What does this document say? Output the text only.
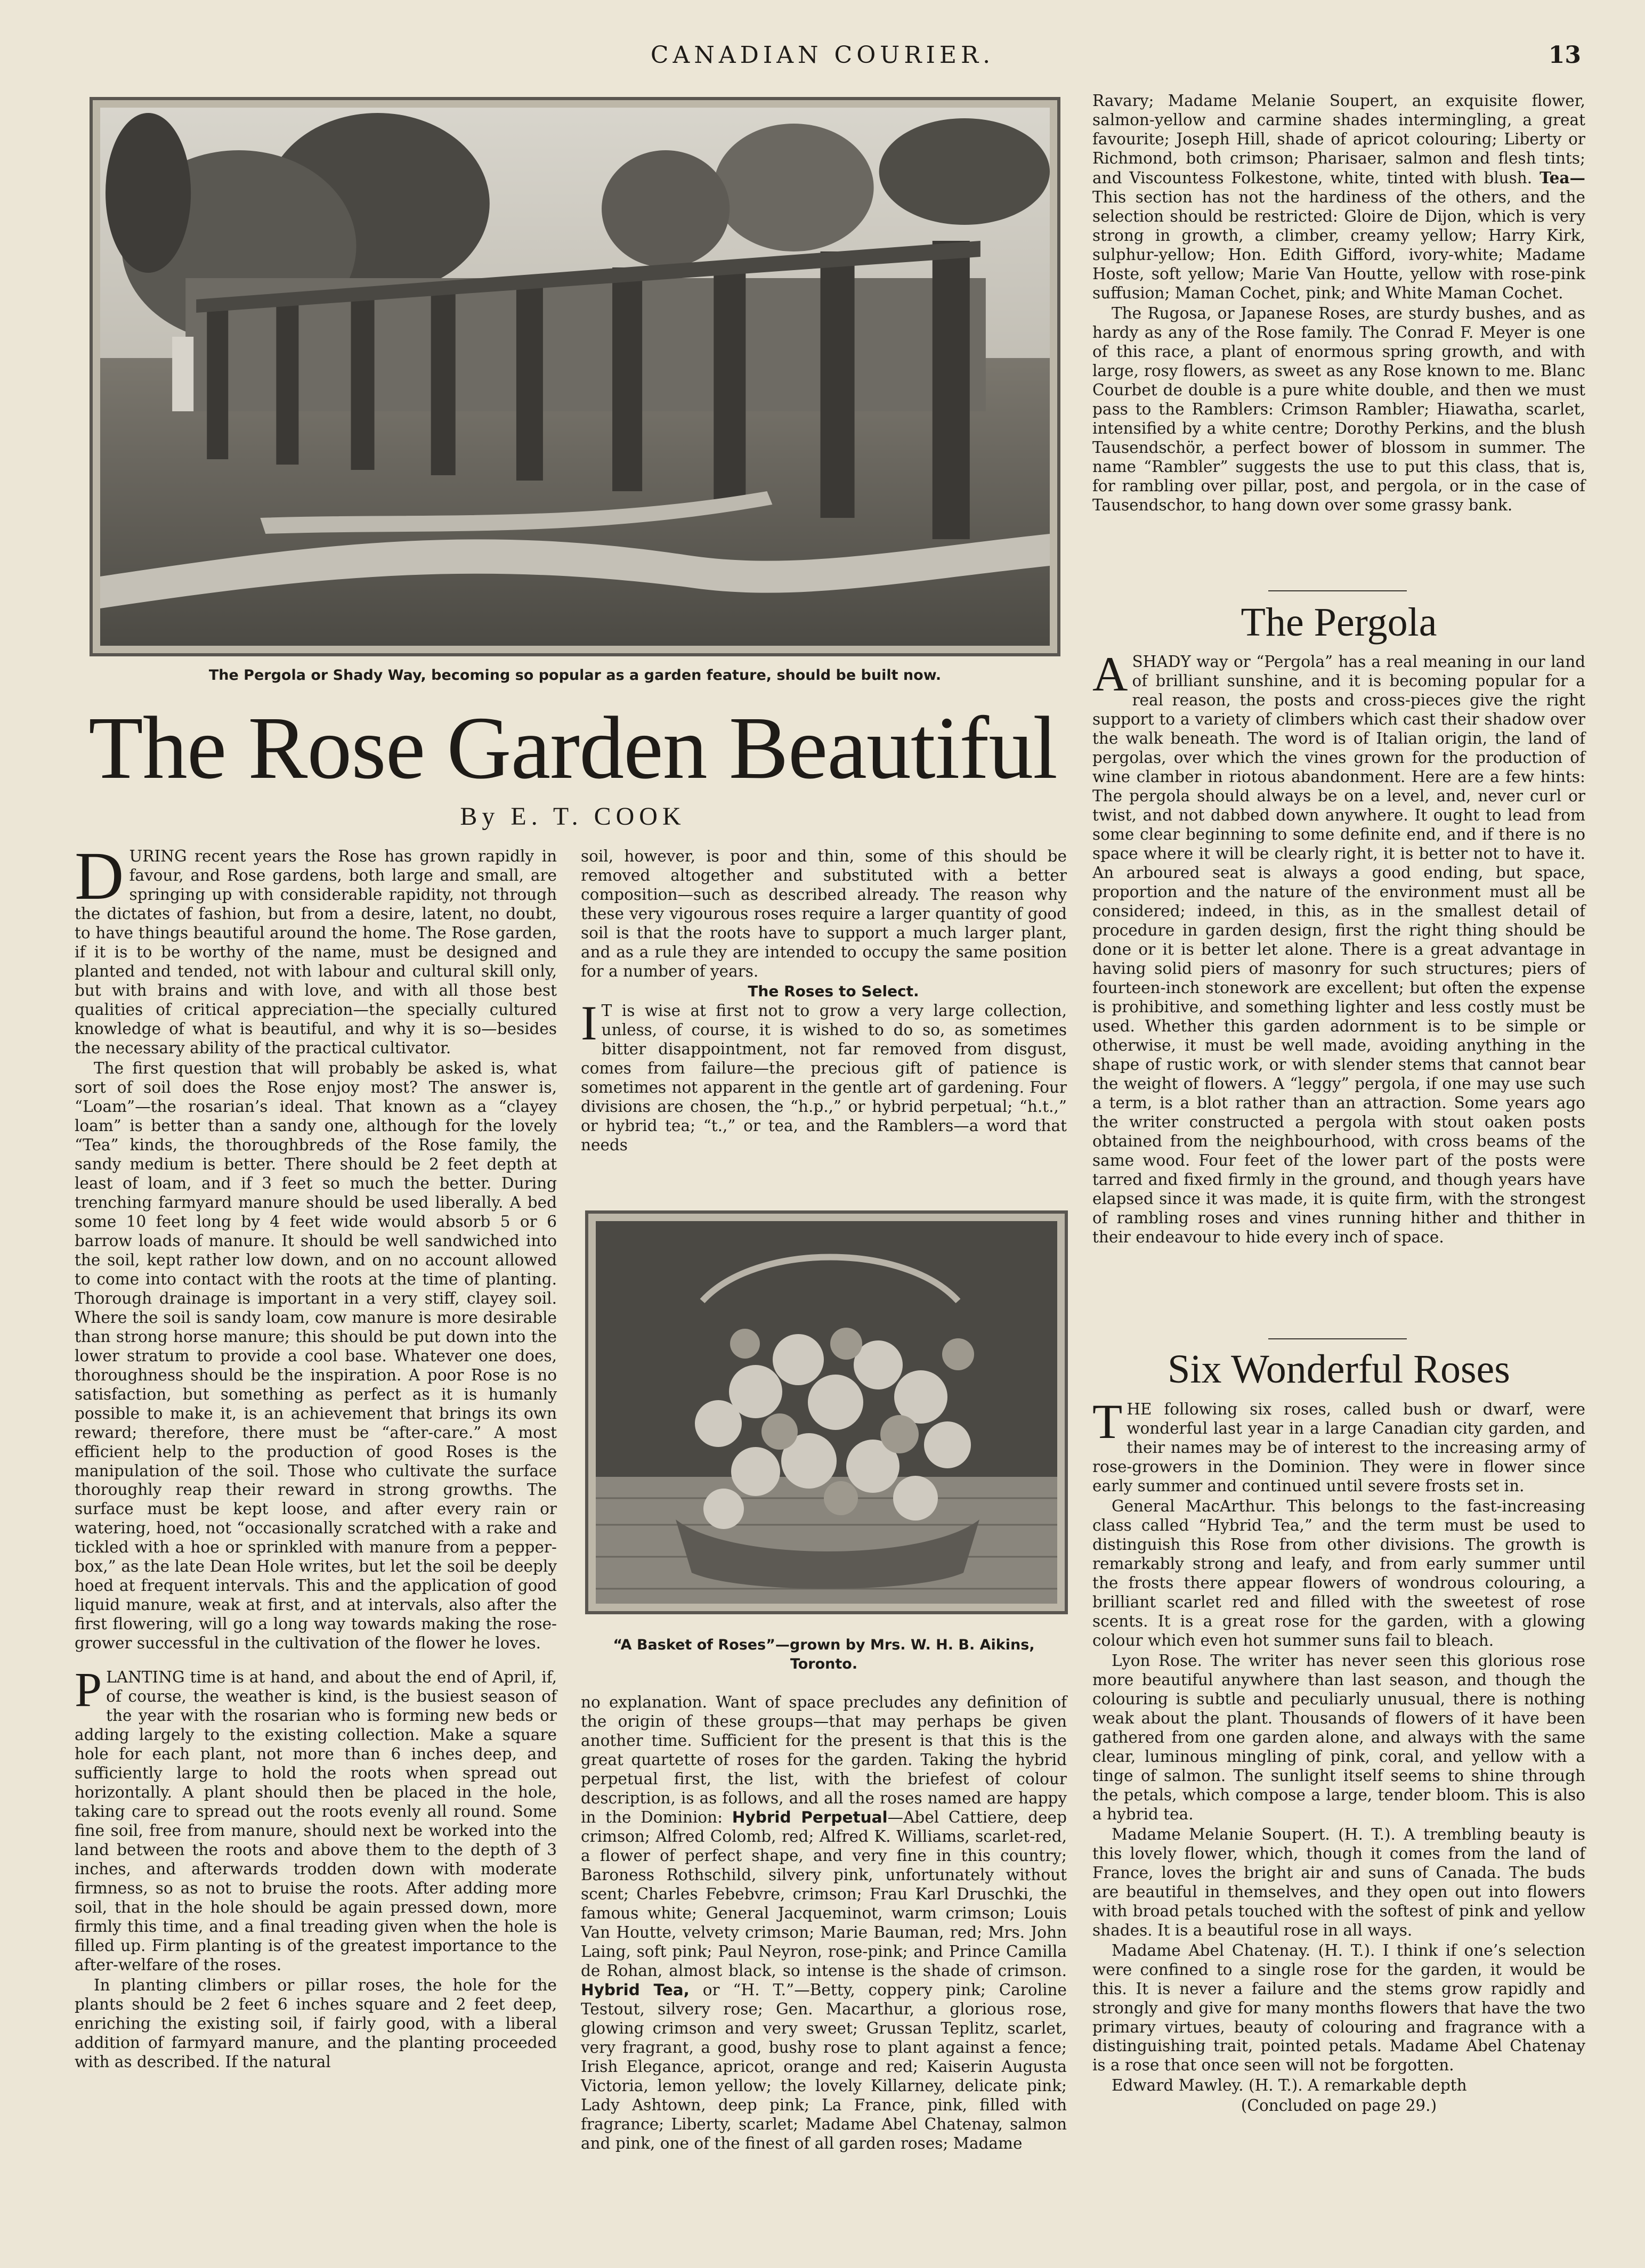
CANADIAN COURIER.	13
The Pergola or Shady Way, becoming so popular as a garden feature, should be built now.
The Rose Garden Beautiful
By E. T. COOK

DURING recent years the Rose has grown rapidly in favour, and Rose gardens, both large and small, are springing up with considerable rapidity, not through the dictates of fashion, but from a desire, latent, no doubt, to have things beautiful around the home. The Rose garden, if it is to be worthy of the name, must be designed and planted and tended, not with labour and cultural skill only, but with brains and with love, and with all those best qualities of critical appreciation—the specially cultured knowledge of what is beautiful, and why it is so—besides the necessary ability of the practical cultivator.

The first question that will probably be asked is, what sort of soil does the Rose enjoy most? The answer is, “Loam”—the rosarian’s ideal. That known as a “clayey loam” is better than a sandy one, although for the lovely “Tea” kinds, the thoroughbreds of the Rose family, the sandy medium is better. There should be 2 feet depth at least of loam, and if 3 feet so much the better. During trenching farmyard manure should be used liberally. A bed some 10 feet long by 4 feet wide would absorb 5 or 6 barrow loads of manure. It should be well sandwiched into the soil, kept rather low down, and on no account allowed to come into contact with the roots at the time of planting. Thorough drainage is important in a very stiff, clayey soil. Where the soil is sandy loam, cow manure is more desirable than strong horse manure; this should be put down into the lower stratum to provide a cool base. Whatever one does, thoroughness should be the inspiration. A poor Rose is no satisfaction, but something as perfect as it is humanly possible to make it, is an achievement that brings its own reward; therefore, there must be “after-care.” A most efficient help to the production of good Roses is the manipulation of the soil. Those who cultivate the surface thoroughly reap their reward in strong growths. The surface must be kept loose, and after every rain or watering, hoed, not “occasionally scratched with a rake and tickled with a hoe or sprinkled with manure from a pepper-box,” as the late Dean Hole writes, but let the soil be deeply hoed at frequent intervals. This and the application of good liquid manure, weak at first, and at intervals, also after the first flowering, will go a long way towards making the rose-grower successful in the cultivation of the flower he loves.

PLANTING time is at hand, and about the end of April, if, of course, the weather is kind, is the busiest season of the year with the rosarian who is forming new beds or adding largely to the existing collection. Make a square hole for each plant, not more than 6 inches deep, and sufficiently large to hold the roots when spread out horizontally. A plant should then be placed in the hole, taking care to spread out the roots evenly all round. Some fine soil, free from manure, should next be worked into the land between the roots and above them to the depth of 3 inches, and afterwards trodden down with moderate firmness, so as not to bruise the roots. After adding more soil, that in the hole should be again pressed down, more firmly this time, and a final treading given when the hole is filled up. Firm planting is of the greatest importance to the after-welfare of the roses.

In planting climbers or pillar roses, the hole for the plants should be 2 feet 6 inches square and 2 feet deep, enriching the existing soil, if fairly good, with a liberal addition of farmyard manure, and the planting proceeded with as described. If the natural

soil, however, is poor and thin, some of this should be removed altogether and substituted with a better composition—such as described already. The reason why these very vigourous roses require a larger quantity of good soil is that the roots have to support a much larger plant, and as a rule they are intended to occupy the same position for a number of years.

The Roses to Select.

I T is wise at first not to grow a very large collection, unless, of course, it is wished to do so, as sometimes bitter disappointment, not far removed from disgust, comes from failure—the precious gift of patience is sometimes not apparent in the gentle art of gardening. Four divisions are chosen, the “h.p.,” or hybrid perpetual; “h.t.,” or hybrid tea; “t.,” or tea, and the Ramblers—a word that needs

“A Basket of Roses”—grown by Mrs. W. H. B. Aikins, Toronto.

no explanation. Want of space precludes any definition of the origin of these groups—that may perhaps be given another time. Sufficient for the present is that this is the great quartette of roses for the garden. Taking the hybrid perpetual first, the list, with the briefest of colour description, is as follows, and all the roses named are happy in the Dominion: Hybrid Perpetual—Abel Cattiere, deep crimson; Alfred Colomb, red; Alfred K. Williams, scarlet-red, a flower of perfect shape, and very fine in this country; Baroness Rothschild, silvery pink, unfortunately without scent; Charles Febebvre, crimson; Frau Karl Druschki, the famous white; General Jacqueminot, warm crimson; Louis Van Houtte, velvety crimson; Marie Bauman, red; Mrs. John Laing, soft pink; Paul Neyron, rose-pink; and Prince Camilla de Rohan, almost black, so intense is the shade of crimson. Hybrid Tea, or “H. T.”—Betty, coppery pink; Caroline Testout, silvery rose; Gen. Macarthur, a glorious rose, glowing crimson and very sweet; Grussan Teplitz, scarlet, very fragrant, a good, bushy rose to plant against a fence; Irish Elegance, apricot, orange and red; Kaiserin Augusta Victoria, lemon yellow; the lovely Killarney, delicate pink; Lady Ashtown, deep pink; La France, pink, filled with fragrance; Liberty, scarlet; Madame Abel Chatenay, salmon and pink, one of the finest of all garden roses; Madame

Ravary; Madame Melanie Soupert, an exquisite flower, salmon-yellow and carmine shades intermingling, a great favourite; Joseph Hill, shade of apricot colouring; Liberty or Richmond, both crimson; Pharisaer, salmon and flesh tints; and Viscountess Folkestone, white, tinted with blush. Tea— This section has not the hardiness of the others, and the selection should be restricted: Gloire de Dijon, which is very strong in growth, a climber, creamy yellow; Harry Kirk, sulphur-yellow; Hon. Edith Gifford, ivory-white; Madame Hoste, soft yellow; Marie Van Houtte, yellow with rose-pink suffusion; Maman Cochet, pink; and White Maman Cochet.

The Rugosa, or Japanese Roses, are sturdy bushes, and as hardy as any of the Rose family. The Conrad F. Meyer is one of this race, a plant of enormous spring growth, and with large, rosy flowers, as sweet as any Rose known to me. Blanc Courbet de double is a pure white double, and then we must pass to the Ramblers: Crimson Rambler; Hiawatha, scarlet, intensified by a white centre; Dorothy Perkins, and the blush Tausendschör, a perfect bower of blossom in summer. The name “Rambler” suggests the use to put this class, that is, for rambling over pillar, post, and pergola, or in the case of Tausendschor, to hang down over some grassy bank.

The Pergola

ASHADY way or “Pergola” has a real meaning in our land of brilliant sunshine, and it is becoming popular for a real reason, the posts and cross-pieces give the right support to a variety of climbers which cast their shadow over the walk beneath. The word is of Italian origin, the land of pergolas, over which the vines grown for the production of wine clamber in riotous abandonment. Here are a few hints: The pergola should always be on a level, and, never curl or twist, and not dabbed down anywhere. It ought to lead from some clear beginning to some definite end, and if there is no space where it will be clearly right, it is better not to have it. An arboured seat is always a good ending, but space, proportion and the nature of the environment must all be considered; indeed, in this, as in the smallest detail of procedure in garden design, first the right thing should be done or it is better let alone. There is a great advantage in having solid piers of masonry for such structures; piers of fourteen-inch stonework are excellent; but often the expense is prohibitive, and something lighter and less costly must be used. Whether this garden adornment is to be simple or otherwise, it must be well made, avoiding anything in the shape of rustic work, or with slender stems that cannot bear the weight of flowers. A “leggy” pergola, if one may use such a term, is a blot rather than an attraction. Some years ago the writer constructed a pergola with stout oaken posts obtained from the neighbourhood, with cross beams of the same wood. Four feet of the lower part of the posts were tarred and fixed firmly in the ground, and though years have elapsed since it was made, it is quite firm, with the strongest of rambling roses and vines running hither and thither in their endeavour to hide every inch of space.

Six Wonderful Roses

THE following six roses, called bush or dwarf, were wonderful last year in a large Canadian city garden, and their names may be of interest to the increasing army of rose-growers in the Dominion. They were in flower since early summer and continued until severe frosts set in.

General MacArthur. This belongs to the fast-increasing class called “Hybrid Tea,” and the term must be used to distinguish this Rose from other divisions. The growth is remarkably strong and leafy, and from early summer until the frosts there appear flowers of wondrous colouring, a brilliant scarlet red and filled with the sweetest of rose scents. It is a great rose for the garden, with a glowing colour which even hot summer suns fail to bleach.

Lyon Rose. The writer has never seen this glorious rose more beautiful anywhere than last season, and though the colouring is subtle and peculiarly unusual, there is nothing weak about the plant. Thousands of flowers of it have been gathered from one garden alone, and always with the same clear, luminous mingling of pink, coral, and yellow with a tinge of salmon. The sunlight itself seems to shine through the petals, which compose a large, tender bloom. This is also a hybrid tea.

Madame Melanie Soupert. (H. T.). A trembling beauty is this lovely flower, which, though it comes from the land of France, loves the bright air and suns of Canada. The buds are beautiful in themselves, and they open out into flowers with broad petals touched with the softest of pink and yellow shades. It is a beautiful rose in all ways.

Madame Abel Chatenay. (H. T.). I think if one’s selection were confined to a single rose for the garden, it would be this. It is never a failure and the stems grow rapidly and strongly and give for many months flowers that have the two primary virtues, beauty of colouring and fragrance with a distinguishing trait, pointed petals. Madame Abel Chatenay is a rose that once seen will not be forgotten.

Edward Mawley. (H. T.). A remarkable depth

(Concluded on page 29.)
